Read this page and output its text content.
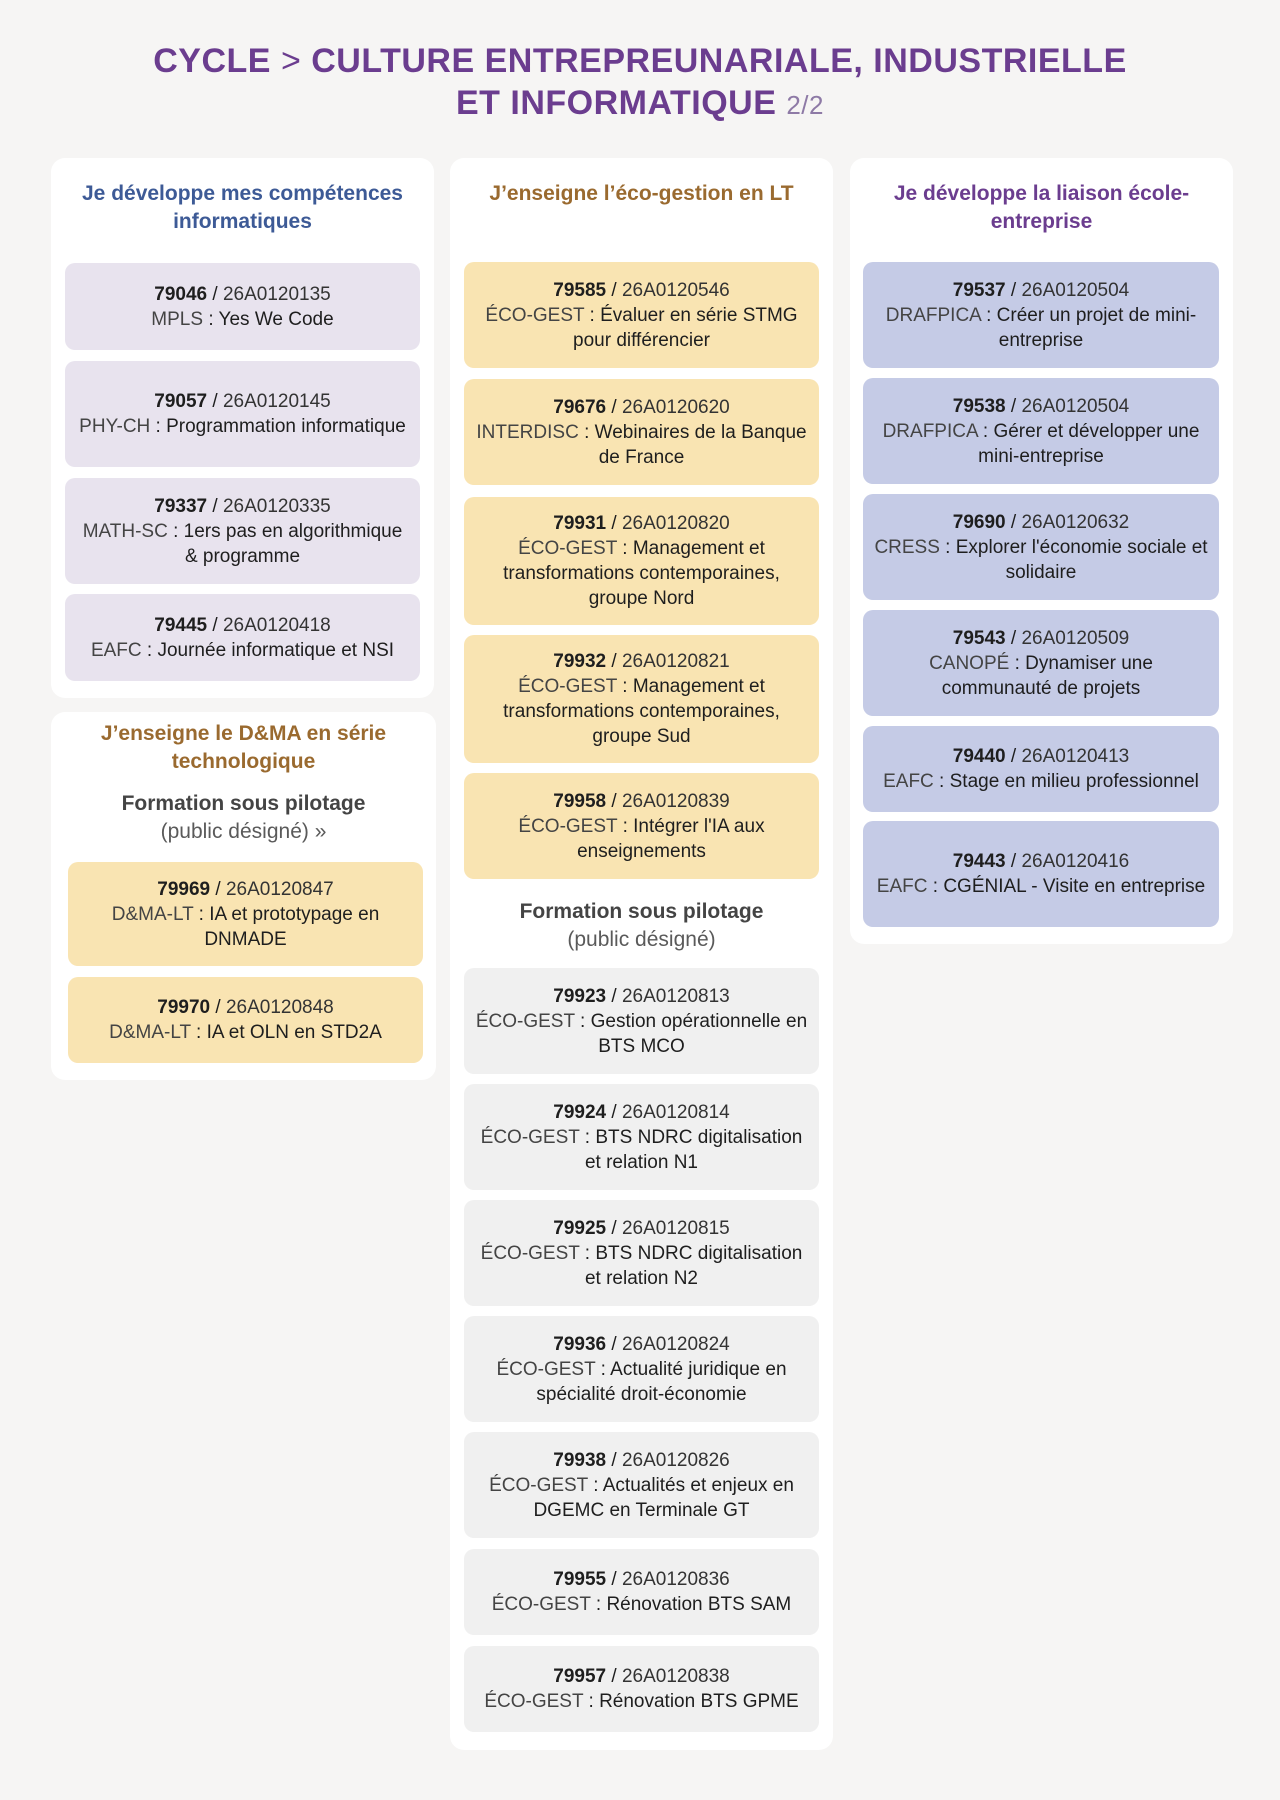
CYCLE > CULTURE ENTREPREUNARIALE, INDUSTRIELLE
ET INFORMATIQUE 2/2
Je développe mes compétences informatiques
J’enseigne le D&MA en série technologique
Formation sous pilotage
(public désigné) »
J’enseigne l’éco-gestion en LT
Formation sous pilotage
(public désigné)
Je développe la liaison école-entreprise
79046 / 26A0120135
MPLS : Yes We Code
79057 / 26A0120145
PHY-CH : Programmation informatique
79337 / 26A0120335
MATH-SC : 1ers pas en algorithmique & programme
79445 / 26A0120418
EAFC : Journée informatique et NSI
79969 / 26A0120847
D&MA-LT : IA et prototypage en DNMADE
79970 / 26A0120848
D&MA-LT : IA et OLN en STD2A
79585 / 26A0120546
ÉCO-GEST : Évaluer en série STMG pour différencier
79676 / 26A0120620
INTERDISC : Webinaires de la Banque de France
79931 / 26A0120820
ÉCO-GEST : Management et transformations contemporaines, groupe Nord
79932 / 26A0120821
ÉCO-GEST : Management et transformations contemporaines, groupe Sud
79958 / 26A0120839
ÉCO-GEST : Intégrer l'IA aux enseignements
79923 / 26A0120813
ÉCO-GEST : Gestion opérationnelle en BTS MCO
79924 / 26A0120814
ÉCO-GEST : BTS NDRC digitalisation et relation N1
79925 / 26A0120815
ÉCO-GEST : BTS NDRC digitalisation et relation N2
79936 / 26A0120824
ÉCO-GEST : Actualité juridique en spécialité droit-économie
79938 / 26A0120826
ÉCO-GEST : Actualités et enjeux en DGEMC en Terminale GT
79955 / 26A0120836
ÉCO-GEST : Rénovation BTS SAM
79957 / 26A0120838
ÉCO-GEST : Rénovation BTS GPME
79537 / 26A0120504
DRAFPICA : Créer un projet de mini-entreprise
79538 / 26A0120504
DRAFPICA : Gérer et développer une mini-entreprise
79690 / 26A0120632
CRESS : Explorer l'économie sociale et solidaire
79543 / 26A0120509
CANOPÉ : Dynamiser une communauté de projets
79440 / 26A0120413
EAFC : Stage en milieu professionnel
79443 / 26A0120416
EAFC : CGÉNIAL - Visite en entreprise
